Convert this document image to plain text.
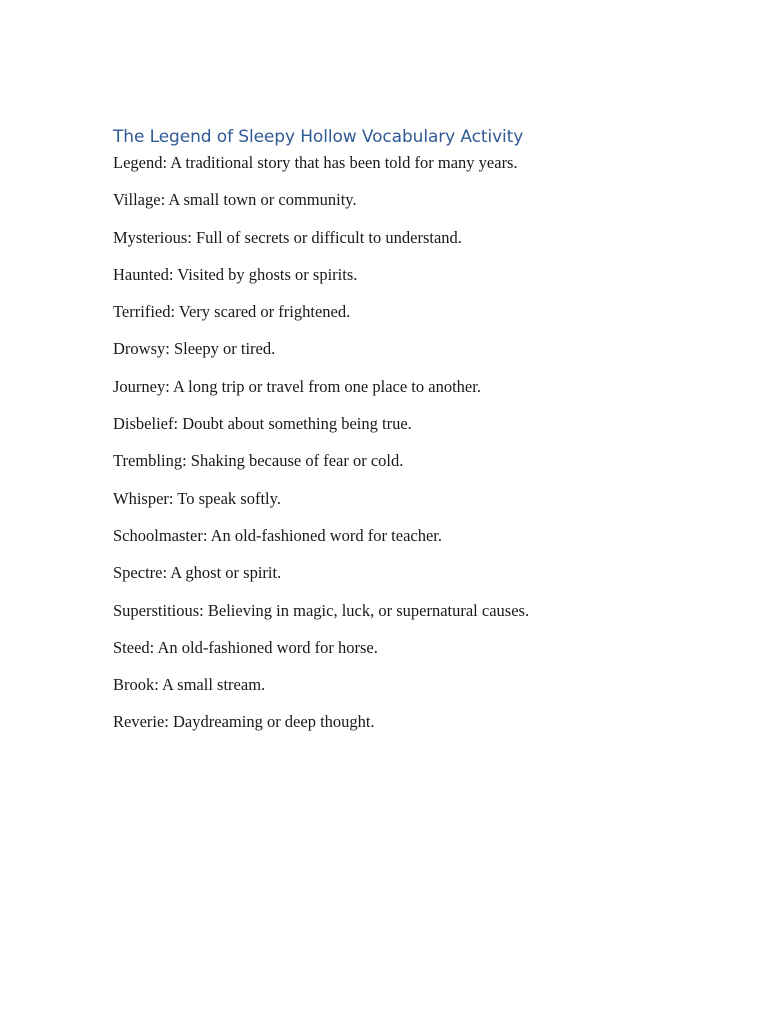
The Legend of Sleepy Hollow Vocabulary Activity
Legend: A traditional story that has been told for many years.
Village: A small town or community.
Mysterious: Full of secrets or difficult to understand.
Haunted: Visited by ghosts or spirits.
Terrified: Very scared or frightened.
Drowsy: Sleepy or tired.
Journey: A long trip or travel from one place to another.
Disbelief: Doubt about something being true.
Trembling: Shaking because of fear or cold.
Whisper: To speak softly.
Schoolmaster: An old-fashioned word for teacher.
Spectre: A ghost or spirit.
Superstitious: Believing in magic, luck, or supernatural causes.
Steed: An old-fashioned word for horse.
Brook: A small stream.
Reverie: Daydreaming or deep thought.
